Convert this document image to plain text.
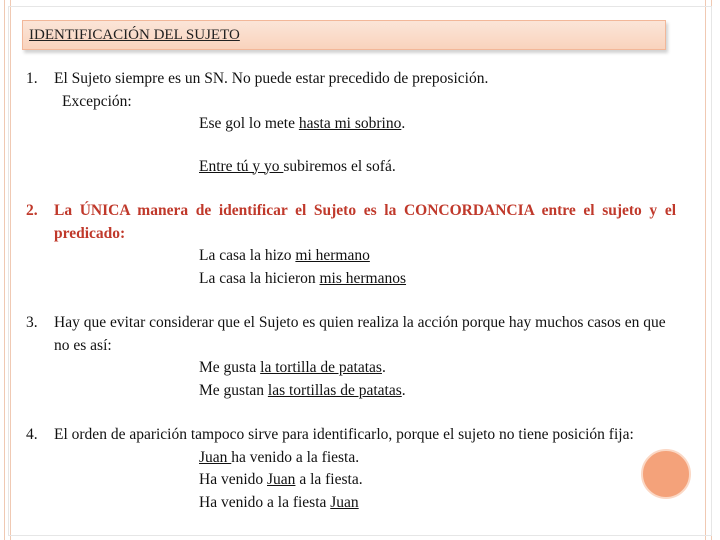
IDENTIFICACIÓN DEL SUJETO
1. El Sujeto siempre es un SN. No puede estar precedido de preposición.
Excepción:
Ese gol lo mete hasta mi sobrino.
Entre tú y yo subiremos el sofá.
2. La ÚNICA manera de identificar el Sujeto es la CONCORDANCIA entre el sujeto y el predicado:
La casa la hizo mi hermano
La casa la hicieron mis hermanos
3. Hay que evitar considerar que el Sujeto es quien realiza la acción porque hay muchos casos en que no es así:
Me gusta la tortilla de patatas.
Me gustan las tortillas de patatas.
4. El orden de aparición tampoco sirve para identificarlo, porque el sujeto no tiene posición fija:
Juan ha venido a la fiesta.
Ha venido Juan a la fiesta.
Ha venido a la fiesta Juan
